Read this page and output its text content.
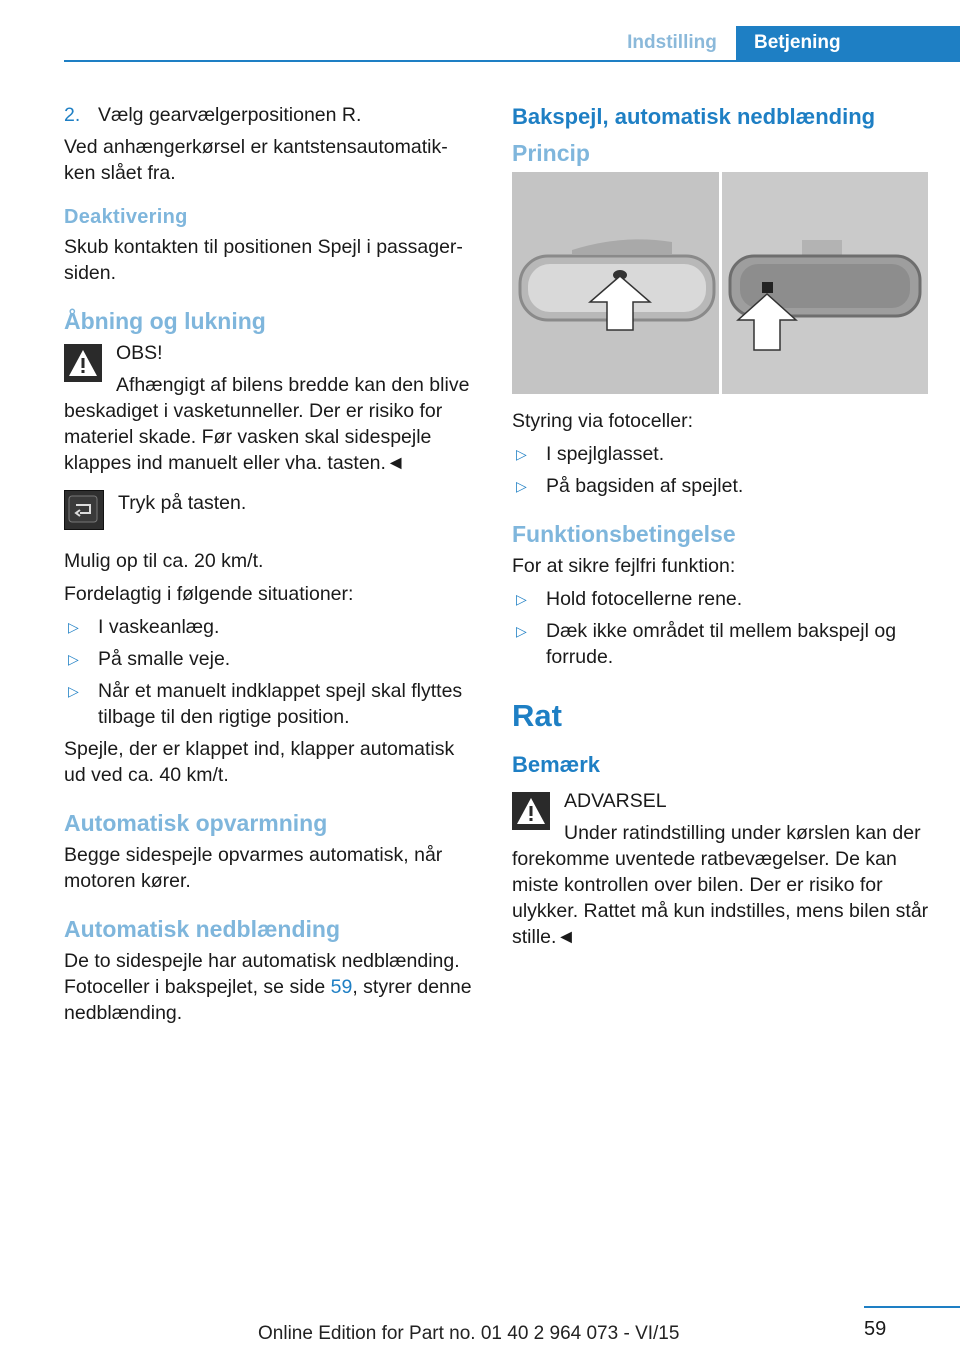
Indstilling	Betjening
2. Vælg gearvælgerpositionen R.

Ved anhængerkørsel er kantstensautomatik-ken slået fra.

Deaktivering

Skub kontakten til positionen Spejl i passager-siden.

Åbning og lukning

OBS!

Afhængigt af bilens bredde kan den blive beskadiget i vasketunneller. Der er risiko for materiel skade. Før vasken skal sidespejle klappes ind manuelt eller vha. tasten.◄

Tryk på tasten.

Mulig op til ca. 20 km/t.

Fordelagtig i følgende situationer:

▷ I vaskeanlæg.
▷ På smalle veje.
▷ Når et manuelt indklappet spejl skal flyttes tilbage til den rigtige position.

Spejle, der er klappet ind, klapper automatisk ud ved ca. 40 km/t.

Automatisk opvarmning

Begge sidespejle opvarmes automatisk, når motoren kører.

Automatisk nedblænding

De to sidespejle har automatisk nedblænding. Fotoceller i bakspejlet, se side 59, styrer denne nedblænding.

Bakspejl, automatisk nedblænding
Princip

Styring via fotoceller:

▷ I spejlglasset.
▷ På bagsiden af spejlet.
Funktionsbetingelse

For at sikre fejlfri funktion:

▷ Hold fotocellerne rene.
▷ Dæk ikke området til mellem bakspejl og forrude.
Rat
Bemærk

ADVARSEL

Under ratindstilling under kørslen kan der forekomme uventede ratbevægelser. De kan miste kontrollen over bilen. Der er risiko for ulykker. Rattet må kun indstilles, mens bilen står stille.◄

59
Online Edition for Part no. 01 40 2 964 073 - VI/15
